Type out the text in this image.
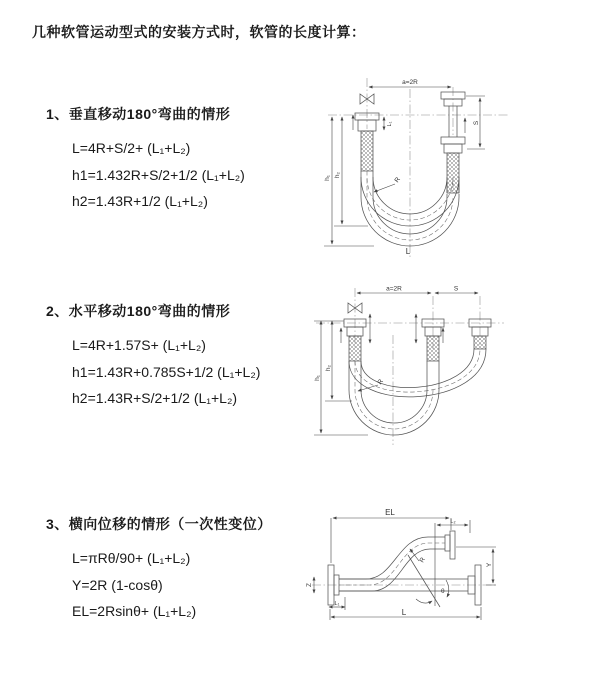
几种软管运动型式的安装方式时，软管的长度计算：
1、垂直移动180°弯曲的情形
L=4R+S/2+ (L₁+L₂)
h1=1.432R+S/2+1/2 (L₁+L₂)
h2=1.43R+1/2 (L₁+L₂)
a=2R
h₂
h₁
S
L₁
R
L
2、水平移动180°弯曲的情形
L=4R+1.57S+ (L₁+L₂)
h1=1.43R+0.785S+1/2 (L₁+L₂)
h2=1.43R+S/2+1/2 (L₁+L₂)
a=2R	S
h₁
h₂
R
3、横向位移的情形（一次性变位）
L=πRθ/90+ (L₁+L₂)
Y=2R (1-cosθ)
EL=2Rsinθ+ (L₁+L₂)
θ
EL
L₂
Y
Z
L₁
L
R
